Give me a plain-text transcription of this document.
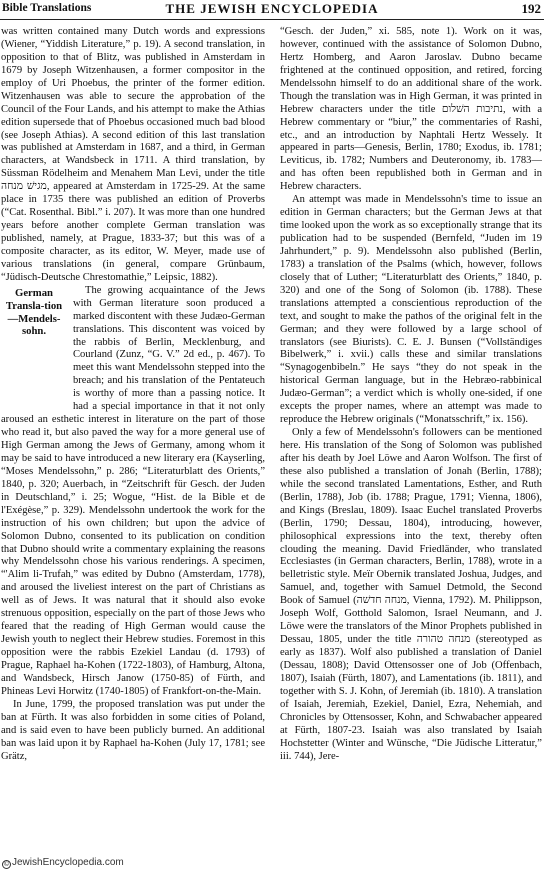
Bible Translations	THE JEWISH ENCYCLOPEDIA	192

was written contained many Dutch words and expressions (Wiener, “Yiddish Literature,” p. 19). A second translation, in opposition to that of Blitz, was published in Amsterdam in 1679 by Joseph Witzenhausen, a former compositor in the employ of Uri Phoebus, the printer of the former edition. Witzenhausen was able to secure the approbation of the Council of the Four Lands, and his attempt to make the Athias edition supersede that of Phoebus occasioned much bad blood (see Joseph Athias). A second edition of this last translation was published at Amsterdam in 1687, and a third, in German characters, at Wandsbeck in 1711. A third translation, by Süssman Rödelheim and Menahem Man Levi, under the title מגישׁ מנחה, appeared at Amsterdam in 1725-29. At the same place in 1735 there was published an edition of Proverbs (“Cat. Rosenthal. Bibl.” i. 207). It was more than one hundred years before another complete German translation was published, namely, at Prague, 1833-37; but this was of a composite character, as its editor, W. Meyer, made use of various translations (in general, compare Grünbaum, “Jüdisch-Deutsche Chrestomathie,” Leipsic, 1882).

German Transla-tion—Mendels-sohn.
The growing acquaintance of the Jews with German literature soon produced a marked discontent with these Judæo-German translations. This discontent was voiced by the rabbis of Berlin, Mecklenburg, and Courland (Zunz, “G. V.” 2d ed., p. 467). To meet this want Mendelssohn stepped into the breach; and his translation of the Pentateuch is worthy of more than a passing notice. It had a special importance in that it not only aroused an esthetic interest in literature on the part of those who read it, but also paved the way for a more general use of High German among the Jews of Germany, among whom it may be said to have introduced a new literary era (Kayserling, “Moses Mendelssohn,” p. 286; “Literaturblatt des Orients,” 1840, p. 320; Auerbach, in “Zeitschrift für Gesch. der Juden in Deutschland,” i. 25; Wogue, “Hist. de la Bible et de l'Exégèse,” p. 329). Mendelssohn undertook the work for the instruction of his own children; but upon the advice of Solomon Dubno, consented to its publication on condition that Dubno should write a commentary explaining the reasons why Mendelssohn chose his various renderings. A specimen, “'Alim li-Trufah,” was edited by Dubno (Amsterdam, 1778), and aroused the liveliest interest on the part of Christians as well as of Jews. It was natural that it should also evoke strenuous opposition, especially on the part of those Jews who feared that the reading of High German would cause the Jewish youth to neglect their Hebrew studies. Foremost in this opposition were the rabbis Ezekiel Landau (d. 1793) of Prague, Raphael ha-Kohen (1722-1803), of Hamburg, Altona, and Wandsbeck, Hirsch Janow (1750-85) of Fürth, and Phineas Levi Horwitz (1740-1805) of Frankfort-on-the-Main.

In June, 1799, the proposed translation was put under the ban at Fürth. It was also forbidden in some cities of Poland, and is said even to have been publicly burned. An additional ban was laid upon it by Raphael ha-Kohen (July 17, 1781; see Grätz,

“Gesch. der Juden,” xi. 585, note 1). Work on it was, however, continued with the assistance of Solomon Dubno, Hertz Homberg, and Aaron Jaroslav. Dubno became frightened at the continued opposition, and retired, forcing Mendelssohn himself to do an additional share of the work. Though the translation was in High German, it was printed in Hebrew characters under the title נתיבות השׁלום, with a Hebrew commentary or “biur,” the commentaries of Rashi, etc., and an introduction by Naphtali Hertz Wessely. It appeared in parts—Genesis, Berlin, 1780; Exodus, ib. 1781; Leviticus, ib. 1782; Numbers and Deuteronomy, ib. 1783—and has often been republished both in German and in Hebrew characters.

An attempt was made in Mendelssohn's time to issue an edition in German characters; but the German Jews at that time looked upon the work as so exceptionally strange that its publication had to be suspended (Bernfeld, “Juden im 19 Jahrhundert,” p. 9). Mendelssohn also published (Berlin, 1783) a translation of the Psalms (which, however, follows closely that of Luther; “Literaturblatt des Orients,” 1840, p. 320) and one of the Song of Solomon (ib. 1788). These translations attempted a conscientious reproduction of the text, and sought to make the pathos of the original felt in the German; and they were followed by a large school of translators (see Biurists). C. E. J. Bunsen (“Vollständiges Bibelwerk,” i. xvii.) calls these and similar translations “Synagogenbibeln.” He says “they do not speak in the historical German language, but in the Hebræo-rabbinical Judæo-German”; a verdict which is wholly one-sided, if one excepts the proper names, where an attempt was made to reproduce the Hebrew originals (“Monatsschrift,” ix. 156).

Only a few of Mendelssohn's followers can be mentioned here. His translation of the Song of Solomon was published after his death by Joel Löwe and Aaron Wolfson. The first of these also published a translation of Jonah (Berlin, 1788); while the second translated Lamentations, Esther, and Ruth (Berlin, 1788), Job (ib. 1788; Prague, 1791; Vienna, 1806), and Kings (Breslau, 1809). Isaac Euchel translated Proverbs (Berlin, 1790; Dessau, 1804), introducing, however, philosophical expressions into the text, thereby often clouding the meaning. David Friedländer, who translated Ecclesiastes (in German characters, Berlin, 1788), wrote in a belletristic style. Meïr Obernik translated Joshua, Judges, and Samuel, and, together with Samuel Detmold, the Second Book of Samuel (מנחה חדשׁה, Vienna, 1792). M. Philippson, Joseph Wolf, Gotthold Salomon, Israel Neumann, and J. Löwe were the translators of the Minor Prophets published in Dessau, 1805, under the title מנחה טהורה (stereotyped as early as 1837). Wolf also published a translation of Daniel (Dessau, 1808); David Ottensosser one of Job (Offenbach, 1807), Isaiah (Fürth, 1807), and Lamentations (ib. 1811), and together with S. J. Kohn, of Jeremiah (ib. 1810). A translation of Isaiah, Jeremiah, Ezekiel, Daniel, Ezra, Nehemiah, and Chronicles by Ottensosser, Kohn, and Schwabacher appeared at Fürth, 1807-23. Isaiah was also translated by Isaiah Hochstetter (Winter and Wünsche, “Die Jüdische Litteratur,” iii. 744), Jere-

© JewishEncyclopedia.com
